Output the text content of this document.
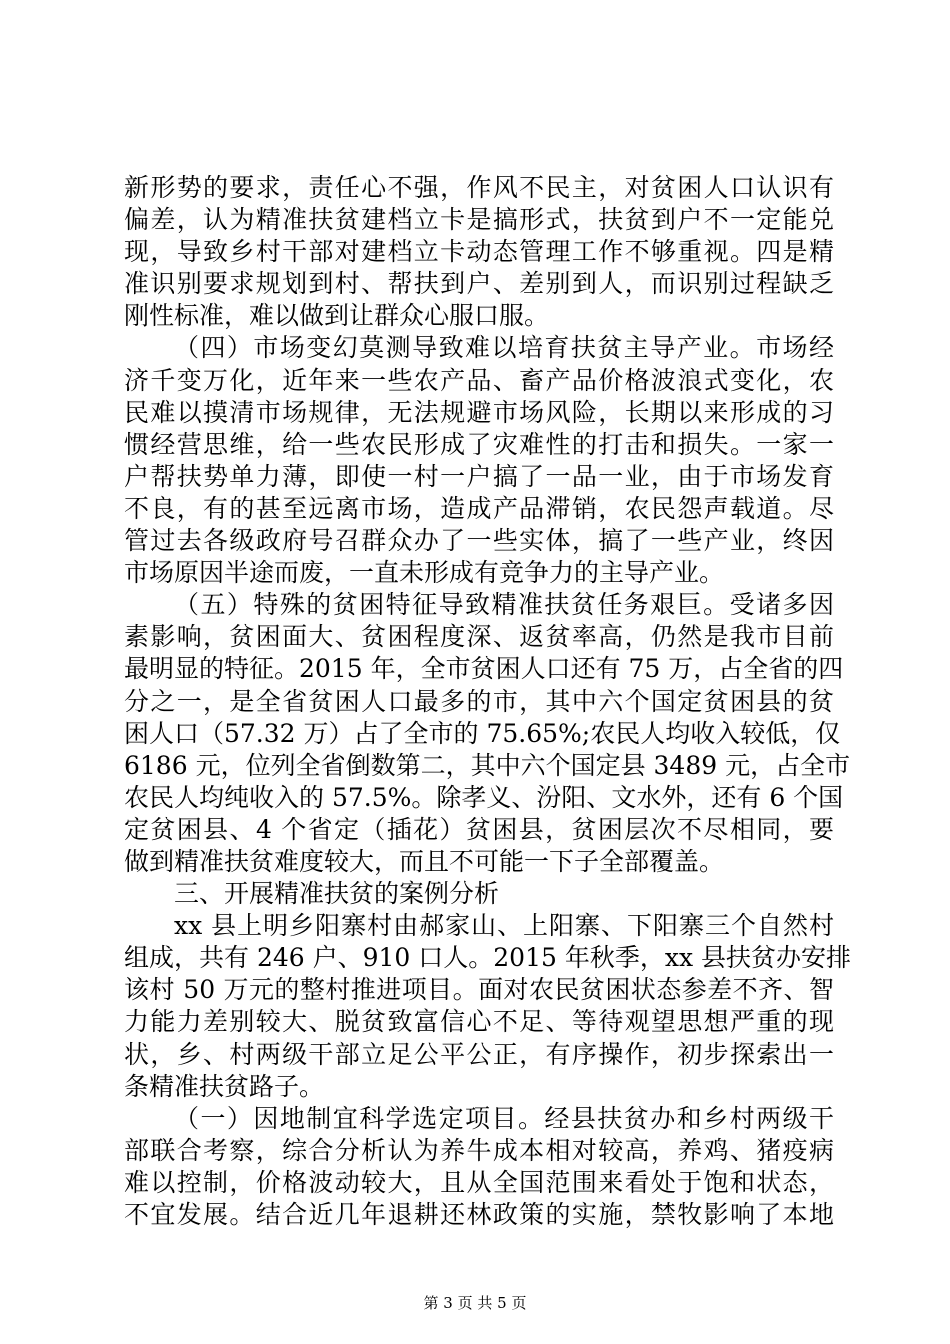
新形势的要求，责任心不强，作风不民主，对贫困人口认识有
偏差，认为精准扶贫建档立卡是搞形式，扶贫到户不一定能兑
现，导致乡村干部对建档立卡动态管理工作不够重视。四是精
准识别要求规划到村、帮扶到户、差别到人，而识别过程缺乏
刚性标准，难以做到让群众心服口服。
（四）市场变幻莫测导致难以培育扶贫主导产业。市场经
济千变万化，近年来一些农产品、畜产品价格波浪式变化，农
民难以摸清市场规律，无法规避市场风险，长期以来形成的习
惯经营思维，给一些农民形成了灾难性的打击和损失。一家一
户帮扶势单力薄，即使一村一户搞了一品一业，由于市场发育
不良，有的甚至远离市场，造成产品滞销，农民怨声载道。尽
管过去各级政府号召群众办了一些实体，搞了一些产业，终因
市场原因半途而废，一直未形成有竞争力的主导产业。
（五）特殊的贫困特征导致精准扶贫任务艰巨。受诸多因
素影响，贫困面大、贫困程度深、返贫率高，仍然是我市目前
最明显的特征。2015 年，全市贫困人口还有 75 万，占全省的四
分之一，是全省贫困人口最多的市，其中六个国定贫困县的贫
困人口（57.32 万）占了全市的 75.65%;农民人均收入较低，仅
6186 元，位列全省倒数第二，其中六个国定县 3489 元，占全市
农民人均纯收入的 57.5%。除孝义、汾阳、文水外，还有 6 个国
定贫困县、4 个省定（插花）贫困县，贫困层次不尽相同，要
做到精准扶贫难度较大，而且不可能一下子全部覆盖。
三、开展精准扶贫的案例分析
xx 县上明乡阳寨村由郝家山、上阳寨、下阳寨三个自然村
组成，共有 246 户、910 口人。2015 年秋季，xx 县扶贫办安排
该村 50 万元的整村推进项目。面对农民贫困状态参差不齐、智
力能力差别较大、脱贫致富信心不足、等待观望思想严重的现
状，乡、村两级干部立足公平公正，有序操作，初步探索出一
条精准扶贫路子。
（一）因地制宜科学选定项目。经县扶贫办和乡村两级干
部联合考察，综合分析认为养牛成本相对较高，养鸡、猪疫病
难以控制，价格波动较大，且从全国范围来看处于饱和状态，
不宜发展。结合近几年退耕还林政策的实施，禁牧影响了本地
第 3 页 共 5 页
